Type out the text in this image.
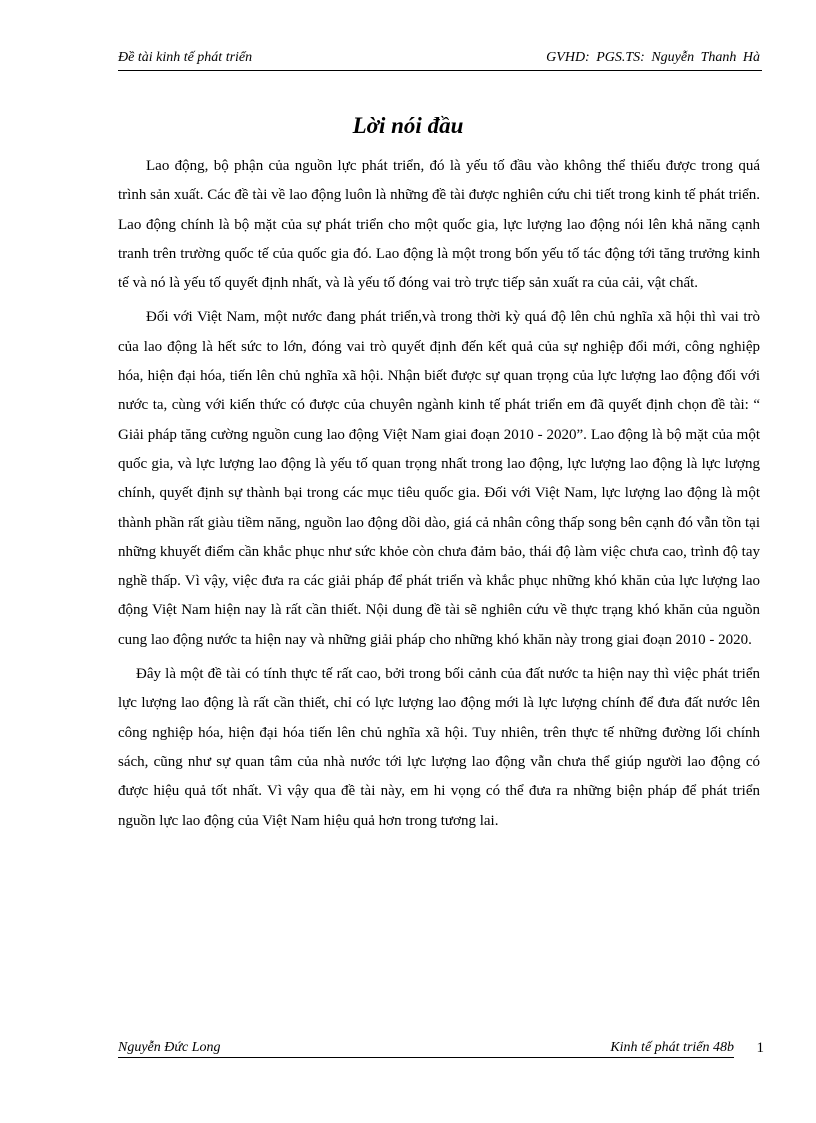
Đề tài kinh tế phát triển	GVHD: PGS.TS: Nguyễn Thanh Hà
Lời nói đầu

Lao động, bộ phận của nguồn lực phát triển, đó là yếu tố đầu vào không thể thiếu được trong quá trình sản xuất. Các đề tài về lao động luôn là những đề tài được nghiên cứu chi tiết trong kinh tế phát triển. Lao động chính là bộ mặt của sự phát triển cho một quốc gia, lực lượng lao động nói lên khả năng cạnh tranh trên trường quốc tế của quốc gia đó. Lao động là một trong bốn yếu tố tác động tới tăng trưởng kinh tế và nó là yếu tố quyết định nhất, và là yếu tố đóng vai trò trực tiếp sản xuất ra của cải, vật chất.

Đối với Việt Nam, một nước đang phát triển,và trong thời kỳ quá độ lên chủ nghĩa xã hội thì vai trò của lao động là hết sức to lớn, đóng vai trò quyết định đến kết quả của sự nghiệp đổi mới, công nghiệp hóa, hiện đại hóa, tiến lên chủ nghĩa xã hội. Nhận biết được sự quan trọng của lực lượng lao động đối với nước ta, cùng với kiến thức có được của chuyên ngành kinh tế phát triển em đã quyết định chọn đề tài: “ Giải pháp tăng cường nguồn cung lao động Việt Nam giai đoạn 2010 - 2020”. Lao động là bộ mặt của một quốc gia, và lực lượng lao động là yếu tố quan trọng nhất trong lao động, lực lượng lao động là lực lượng chính, quyết định sự thành bại trong các mục tiêu quốc gia. Đối với Việt Nam, lực lượng lao động là một thành phần rất giàu tiềm năng, nguồn lao động dồi dào, giá cả nhân công thấp song bên cạnh đó vẫn tồn tại những khuyết điểm cần khắc phục như sức khỏe còn chưa đảm bảo, thái độ làm việc chưa cao, trình độ tay nghề thấp. Vì vậy, việc đưa ra các giải pháp để phát triển và khắc phục những khó khăn của lực lượng lao động Việt Nam hiện nay là rất cần thiết. Nội dung đề tài sẽ nghiên cứu về thực trạng khó khăn của nguồn cung lao động nước ta hiện nay và những giải pháp cho những khó khăn này trong giai đoạn 2010 - 2020.

Đây là một đề tài có tính thực tế rất cao, bởi trong bối cảnh của đất nước ta hiện nay thì việc phát triển lực lượng lao động là rất cần thiết, chỉ có lực lượng lao động mới là lực lượng chính để đưa đất nước lên công nghiệp hóa, hiện đại hóa tiến lên chủ nghĩa xã hội. Tuy nhiên, trên thực tế những đường lối chính sách, cũng như sự quan tâm của nhà nước tới lực lượng lao động vẫn chưa thể giúp người lao động có được hiệu quả tốt nhất. Vì vậy qua đề tài này, em hi vọng có thể đưa ra những biện pháp để phát triển nguồn lực lao động của Việt Nam hiệu quả hơn trong tương lai.

Nguyễn Đức Long	Kinh tế phát triển 48b 1
